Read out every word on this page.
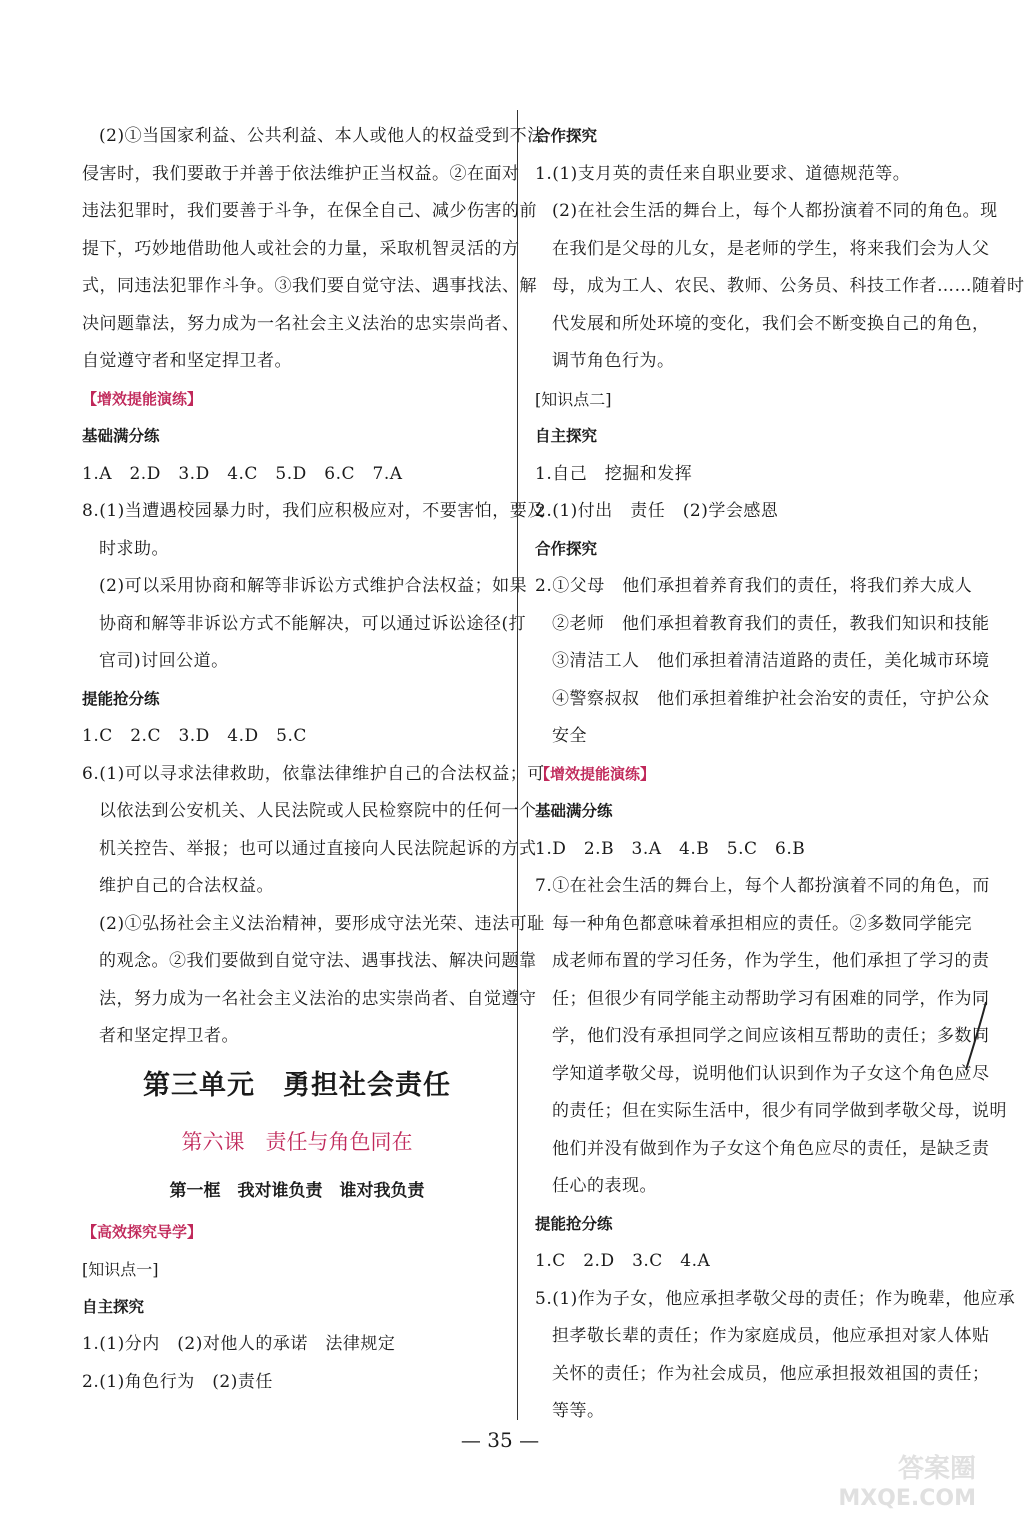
(2)①当国家利益、公共利益、本人或他人的权益受到不法
侵害时，我们要敢于并善于依法维护正当权益。②在面对
违法犯罪时，我们要善于斗争，在保全自己、减少伤害的前
提下，巧妙地借助他人或社会的力量，采取机智灵活的方
式，同违法犯罪作斗争。③我们要自觉守法、遇事找法、解
决问题靠法，努力成为一名社会主义法治的忠实崇尚者、
自觉遵守者和坚定捍卫者。
【增效提能演练】
基础满分练
1.A　2.D　3.D　4.C　5.D　6.C　7.A
8.(1)当遭遇校园暴力时，我们应积极应对，不要害怕，要及
时求助。
(2)可以采用协商和解等非诉讼方式维护合法权益；如果
协商和解等非诉讼方式不能解决，可以通过诉讼途径(打
官司)讨回公道。
提能抢分练
1.C　2.C　3.D　4.D　5.C
6.(1)可以寻求法律救助，依靠法律维护自己的合法权益；可
以依法到公安机关、人民法院或人民检察院中的任何一个
机关控告、举报；也可以通过直接向人民法院起诉的方式
维护自己的合法权益。
(2)①弘扬社会主义法治精神，要形成守法光荣、违法可耻
的观念。②我们要做到自觉守法、遇事找法、解决问题靠
法，努力成为一名社会主义法治的忠实崇尚者、自觉遵守
者和坚定捍卫者。
第三单元　勇担社会责任
第六课　责任与角色同在
第一框　我对谁负责　谁对我负责
【高效探究导学】
[知识点一]
自主探究
1.(1)分内　(2)对他人的承诺　法律规定
2.(1)角色行为　(2)责任
合作探究
1.(1)支月英的责任来自职业要求、道德规范等。
(2)在社会生活的舞台上，每个人都扮演着不同的角色。现
在我们是父母的儿女，是老师的学生，将来我们会为人父
母，成为工人、农民、教师、公务员、科技工作者……随着时
代发展和所处环境的变化，我们会不断变换自己的角色，
调节角色行为。
[知识点二]
自主探究
1.自己　挖掘和发挥
2.(1)付出　责任　(2)学会感恩
合作探究
2.①父母　他们承担着养育我们的责任，将我们养大成人
②老师　他们承担着教育我们的责任，教我们知识和技能
③清洁工人　他们承担着清洁道路的责任，美化城市环境
④警察叔叔　他们承担着维护社会治安的责任，守护公众
安全
【增效提能演练】
基础满分练
1.D　2.B　3.A　4.B　5.C　6.B
7.①在社会生活的舞台上，每个人都扮演着不同的角色，而
每一种角色都意味着承担相应的责任。②多数同学能完
成老师布置的学习任务，作为学生，他们承担了学习的责
任；但很少有同学能主动帮助学习有困难的同学，作为同
学，他们没有承担同学之间应该相互帮助的责任；多数同
学知道孝敬父母，说明他们认识到作为子女这个角色应尽
的责任；但在实际生活中，很少有同学做到孝敬父母，说明
他们并没有做到作为子女这个角色应尽的责任，是缺乏责
任心的表现。
提能抢分练
1.C　2.D　3.C　4.A
5.(1)作为子女，他应承担孝敬父母的责任；作为晚辈，他应承
担孝敬长辈的责任；作为家庭成员，他应承担对家人体贴
关怀的责任；作为社会成员，他应承担报效祖国的责任；
等等。
— 35 —
答案圈
MXQE.COM
